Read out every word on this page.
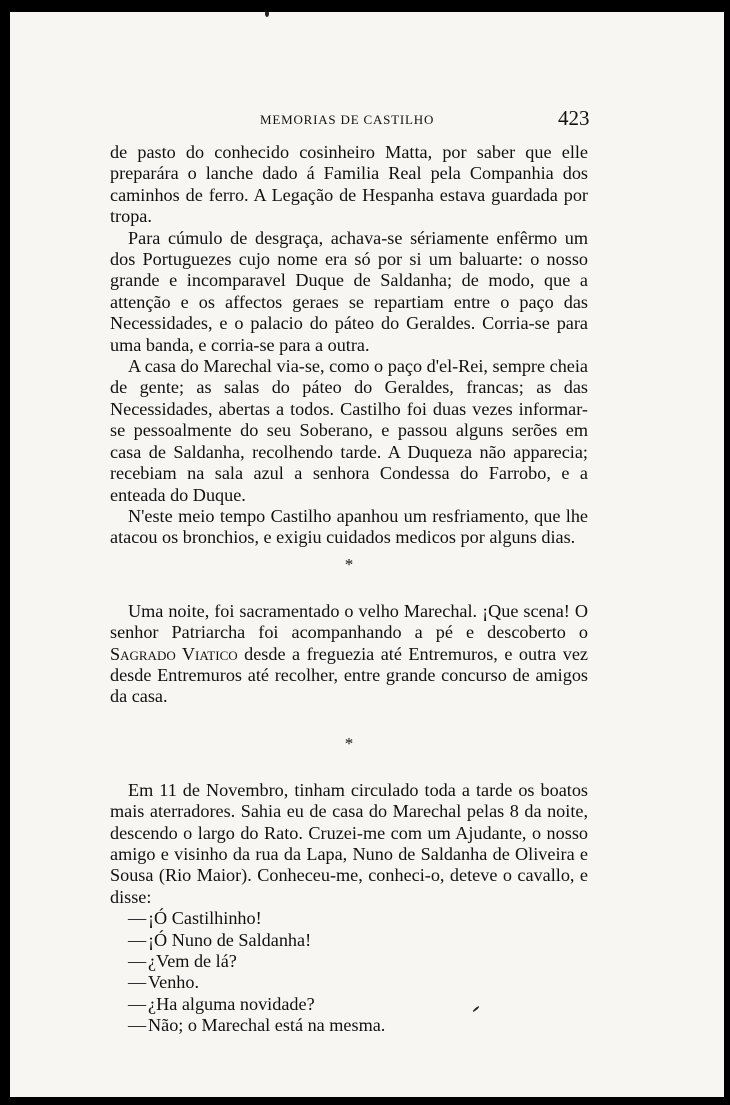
MEMORIAS DE CASTILHO	423

de pasto do conhecido cosinheiro Matta, por saber que elle preparára o lanche dado á Familia Real pela Companhia dos caminhos de ferro. A Legação de Hespanha estava guardada por tropa.

Para cúmulo de desgraça, achava-se sériamente enfêrmo um dos Portuguezes cujo nome era só por si um baluarte: o nosso grande e incomparavel Duque de Saldanha; de modo, que a attenção e os affectos geraes se repartiam entre o paço das Necessidades, e o palacio do páteo do Geraldes. Corria-se para uma banda, e corria-se para a outra.

A casa do Marechal via-se, como o paço d'el-Rei, sempre cheia de gente; as salas do páteo do Geraldes, francas; as das Necessidades, abertas a todos. Castilho foi duas vezes informar-se pessoalmente do seu Soberano, e passou alguns serões em casa de Saldanha, recolhendo tarde. A Duqueza não apparecia; recebiam na sala azul a senhora Condessa do Farrobo, e a enteada do Duque.

N'este meio tempo Castilho apanhou um resfriamento, que lhe atacou os bronchios, e exigiu cuidados medicos por alguns dias.

*

Uma noite, foi sacramentado o velho Marechal. ¡Que scena! O senhor Patriarcha foi acompanhando a pé e descoberto o Sagrado Viatico desde a freguezia até Entremuros, e outra vez desde Entremuros até recolher, entre grande concurso de amigos da casa.

*

Em 11 de Novembro, tinham circulado toda a tarde os boatos mais aterradores. Sahia eu de casa do Marechal pelas 8 da noite, descendo o largo do Rato. Cruzei-me com um Ajudante, o nosso amigo e visinho da rua da Lapa, Nuno de Saldanha de Oliveira e Sousa (Rio Maior). Conheceu-me, conheci-o, deteve o cavallo, e disse:

—¡Ó Castilhinho!

—¡Ó Nuno de Saldanha!

—¿Vem de lá?

—Venho.

—¿Ha alguma novidade?

—Não; o Marechal está na mesma.
